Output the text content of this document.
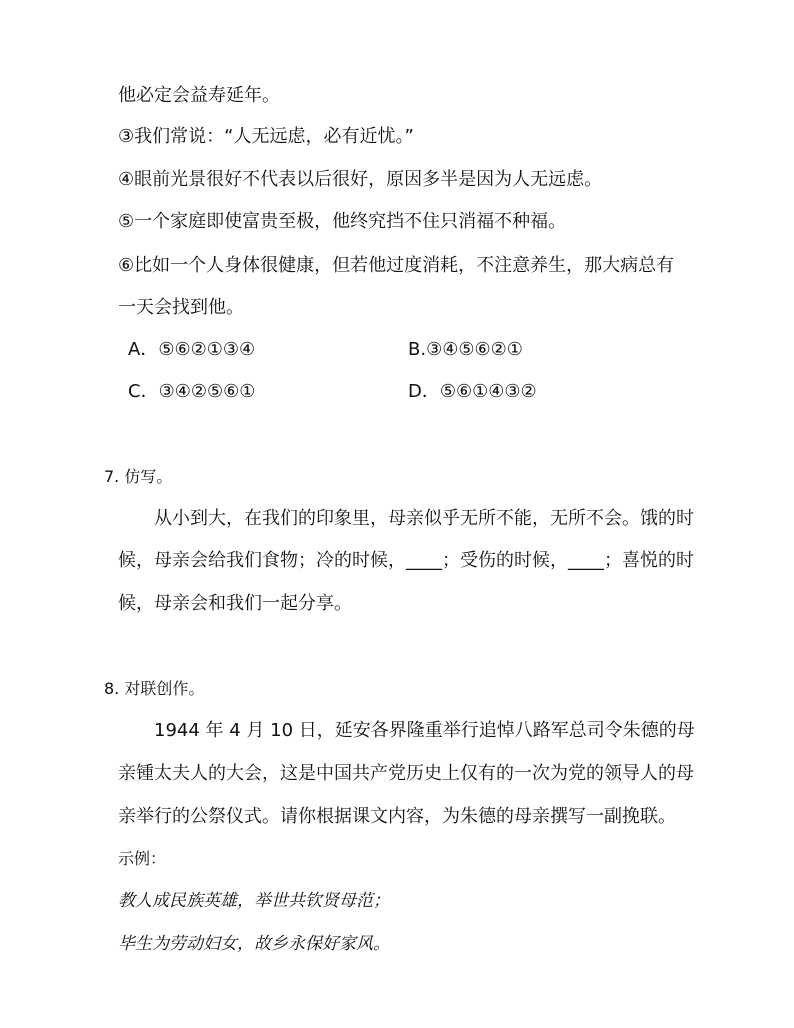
他必定会益寿延年。
③我们常说：“人无远虑，必有近忧。”
④眼前光景很好不代表以后很好，原因多半是因为人无远虑。
⑤一个家庭即使富贵至极，他终究挡不住只消福不种福。
⑥比如一个人身体很健康，但若他过度消耗，不注意养生，那大病总有
一天会找到他。
A．⑤⑥②①③④	B.③④⑤⑥②①
C．③④②⑤⑥①	D．⑤⑥①④③②
7. 仿写。
从小到大，在我们的印象里，母亲似乎无所不能，无所不会。饿的时
候，母亲会给我们食物；冷的时候，____；受伤的时候，____；喜悦的时
候，母亲会和我们一起分享。
8. 对联创作。
1944 年 4 月 10 日，延安各界隆重举行追悼八路军总司令朱德的母
亲锺太夫人的大会，这是中国共产党历史上仅有的一次为党的领导人的母
亲举行的公祭仪式。请你根据课文内容，为朱德的母亲撰写一副挽联。
示例：
教人成民族英雄，举世共钦贤母范；
毕生为劳动妇女，故乡永保好家风。
